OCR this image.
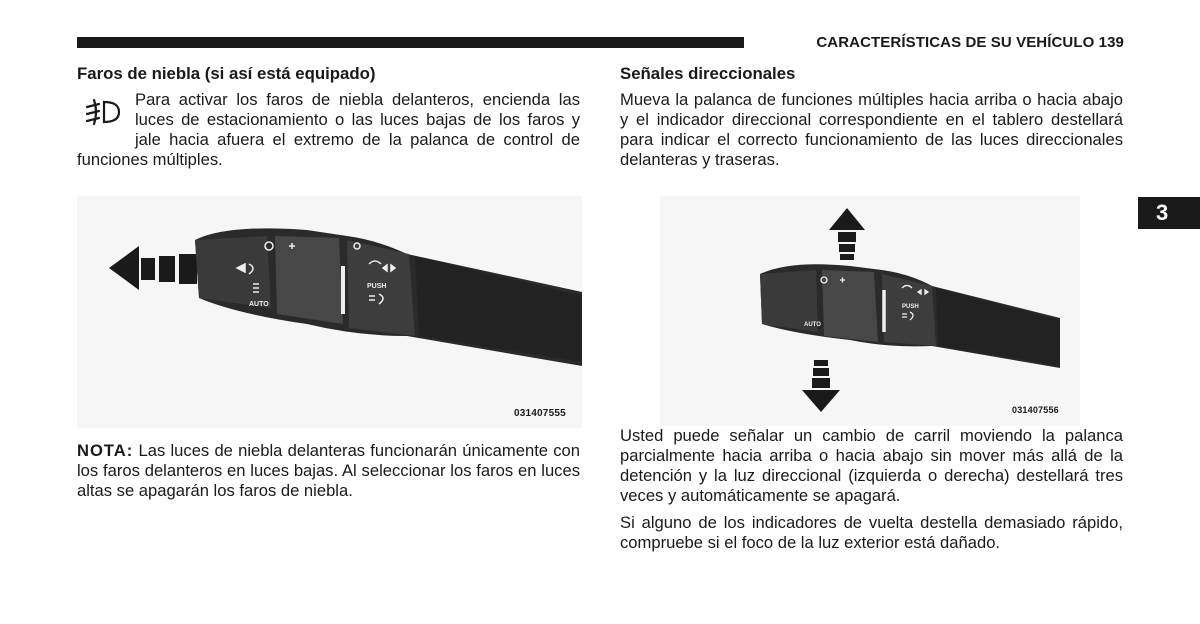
CARACTERÍSTICAS DE SU VEHÍCULO 139
Faros de niebla (si así está equipado)

Para activar los faros de niebla delanteros, encienda las luces de estacionamiento o las luces bajas de los faros y jale hacia afuera el extremo de la palanca de control de funciones múltiples.

PUSH
AUTO
031407555

NOTA: Las luces de niebla delanteras funcionarán únicamente con los faros delanteros en luces bajas. Al seleccionar los faros en luces altas se apagarán los faros de niebla.

Señales direccionales

Mueva la palanca de funciones múltiples hacia arriba o hacia abajo y el indicador direccional correspondiente en el tablero destellará para indicar el correcto funcionamiento de las luces direccionales delanteras y traseras.

PUSH
AUTO
031407556

Usted puede señalar un cambio de carril moviendo la palanca parcialmente hacia arriba o hacia abajo sin mover más allá de la detención y la luz direccional (izquierda o derecha) destellará tres veces y automáticamente se apagará.

Si alguno de los indicadores de vuelta destella demasiado rápido, compruebe si el foco de la luz exterior está dañado.

3
